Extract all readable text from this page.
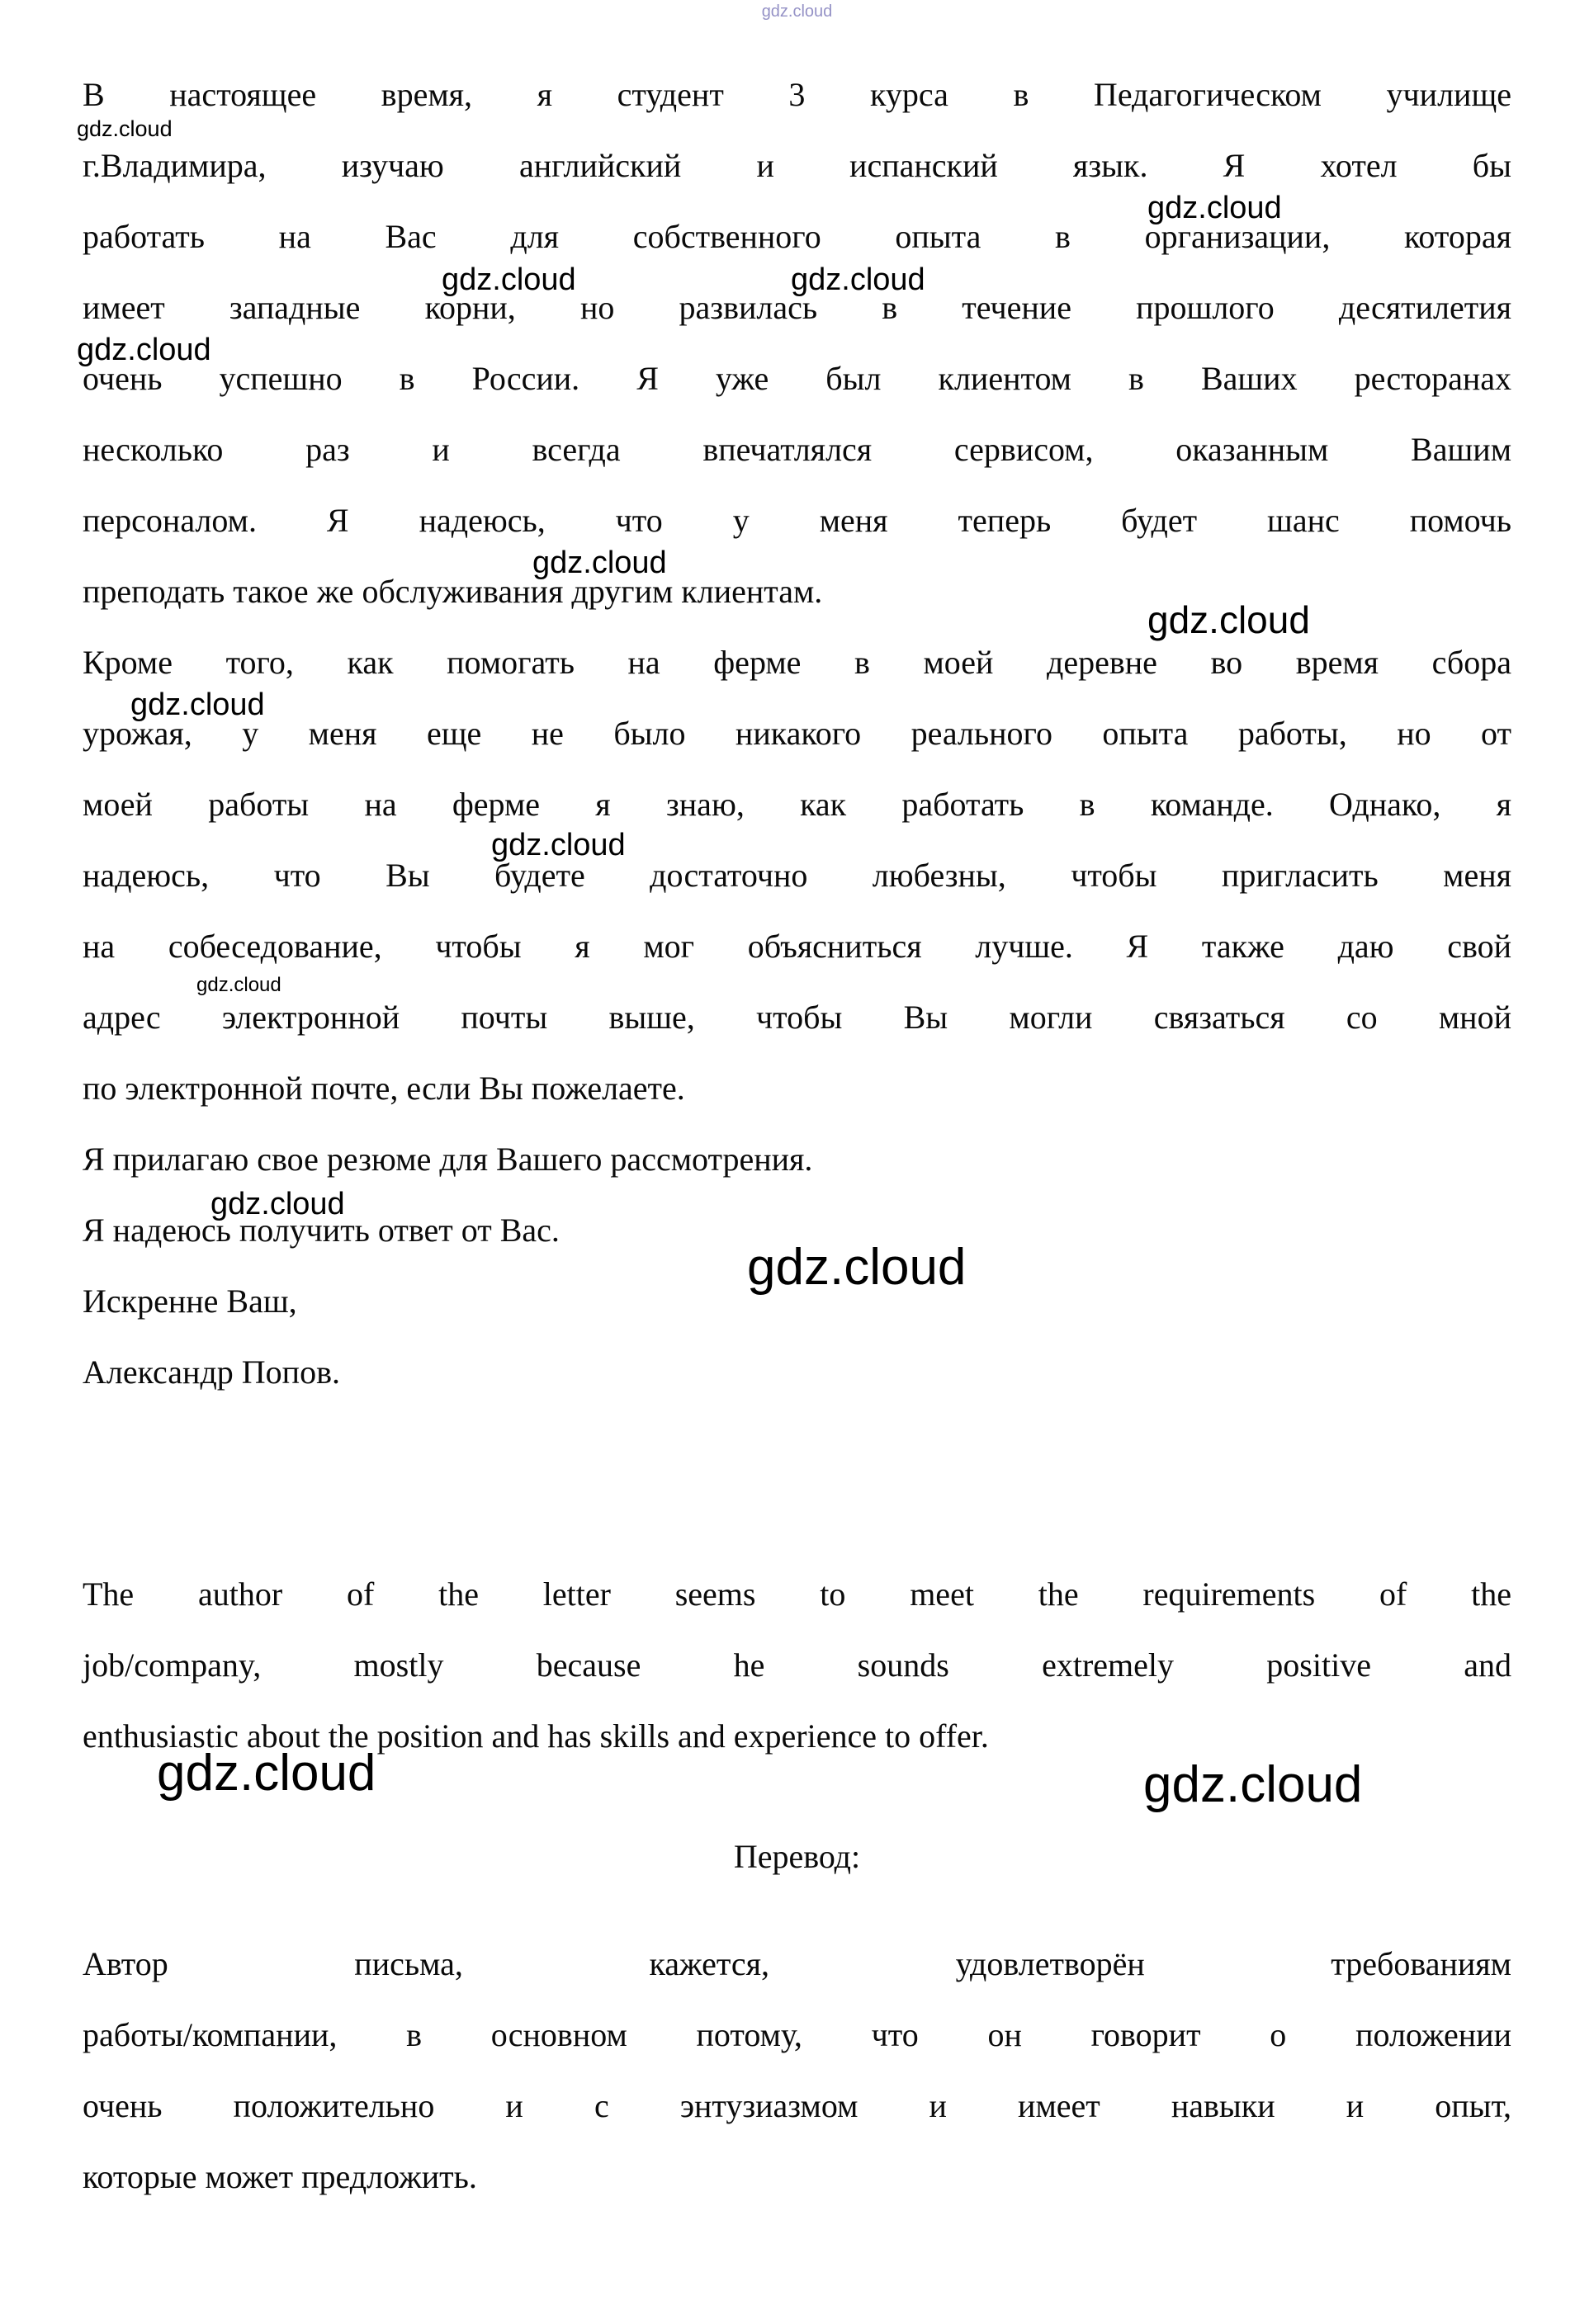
gdz.cloud
gdz.cloud
gdz.cloud
gdz.cloud	gdz.cloud
gdz.cloud
gdz.cloud
gdz.cloud
gdz.cloud
gdz.cloud
gdz.cloud
gdz.cloud
gdz.cloud
gdz.cloud	gdz.cloud
В настоящее время, я студент 3 курса в Педагогическом училище
г.Владимира, изучаю английский и испанский язык. Я хотел бы
работать на Вас для собственного опыта в организации, которая
имеет западные корни, но развилась в течение прошлого десятилетия
очень успешно в России. Я уже был клиентом в Ваших ресторанах
несколько раз и всегда впечатлялся сервисом, оказанным Вашим
персоналом. Я надеюсь, что у меня теперь будет шанс помочь
преподать такое же обслуживания другим клиентам.
Кроме того, как помогать на ферме в моей деревне во время сбора
урожая, у меня еще не было никакого реального опыта работы, но от
моей работы на ферме я знаю, как работать в команде. Однако, я
надеюсь, что Вы будете достаточно любезны, чтобы пригласить меня
на собеседование, чтобы я мог объясниться лучше. Я также даю свой
адрес электронной почты выше, чтобы Вы могли связаться со мной
по электронной почте, если Вы пожелаете.
Я прилагаю свое резюме для Вашего рассмотрения.
Я надеюсь получить ответ от Вас.
Искренне Ваш,
Александр Попов.
The author of the letter seems to meet the requirements of the
job/company, mostly because he sounds extremely positive and
enthusiastic about the position and has skills and experience to offer.
Перевод:
Автор письма, кажется, удовлетворён требованиям
работы/компании, в основном потому, что он говорит о положении
очень положительно и с энтузиазмом и имеет навыки и опыт,
которые может предложить.
